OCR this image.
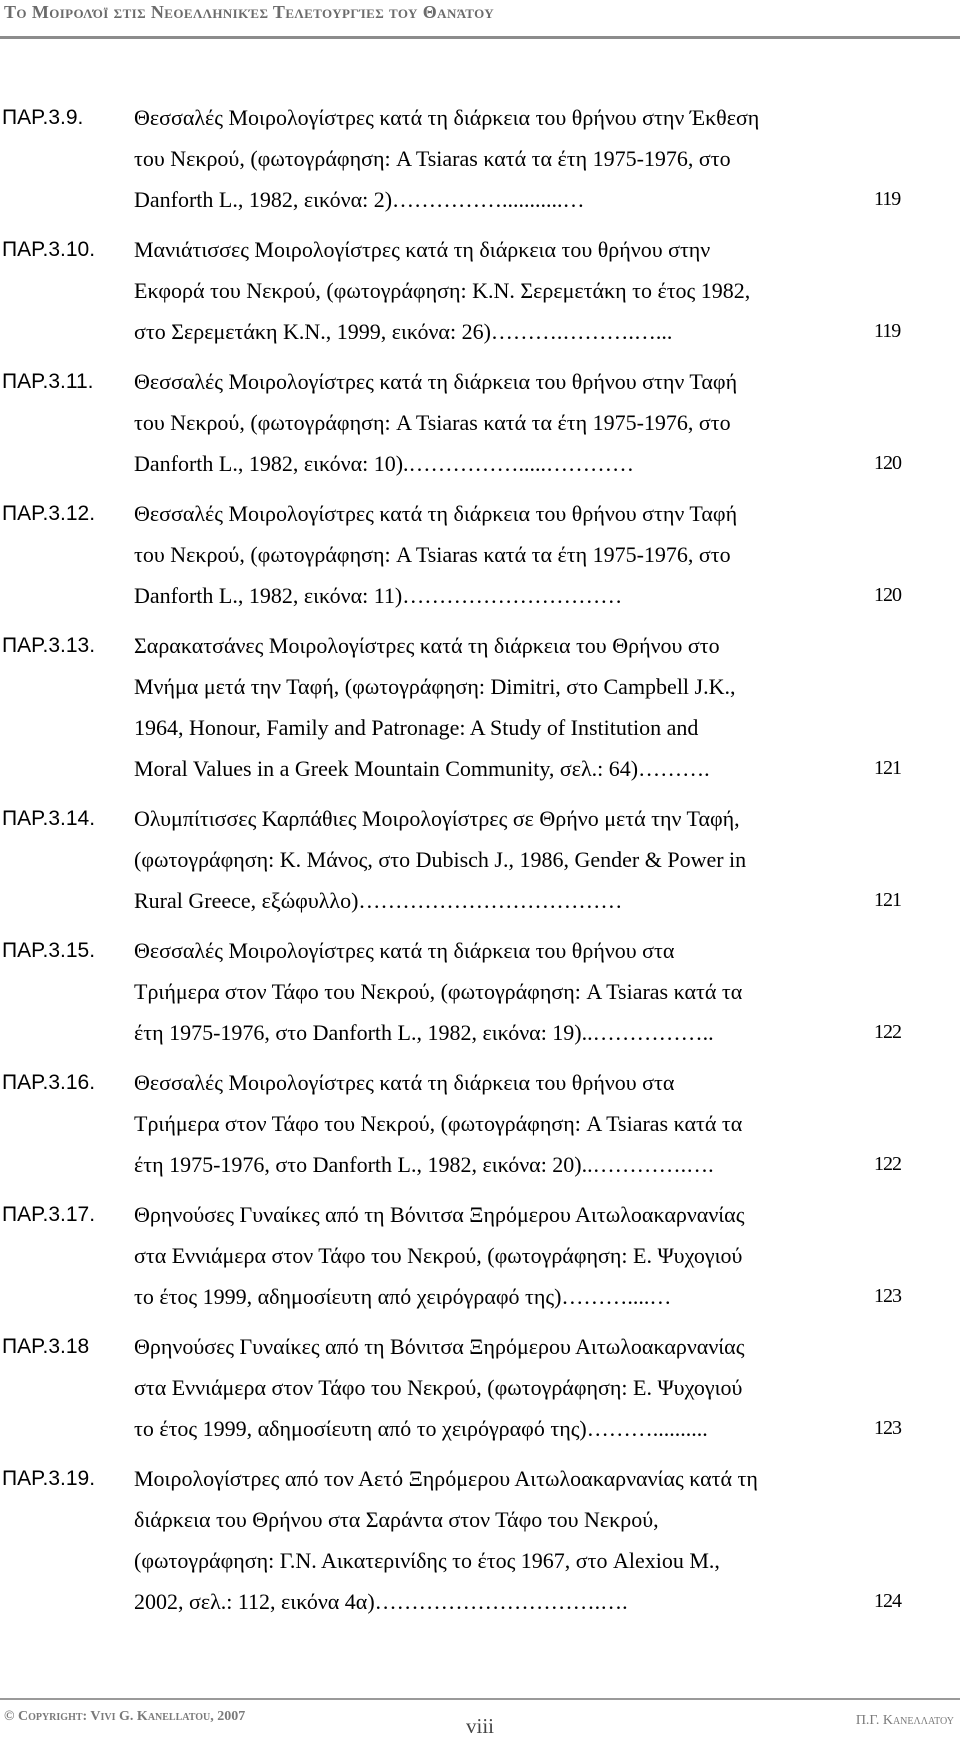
Το Μοιρολόϊ στις Νεοελληνικές Τελετουργίες του Θανάτου
ΠΑΡ.3.9. Θεσσαλές Μοιρολογίστρες κατά τη διάρκεια του θρήνου στην Έκθεση
του Νεκρού, (φωτογράφηση: A Tsiaras κατά τα έτη 1975-1976, στο
Danforth L., 1982, εικόνα: 2)……………...........…	119
ΠΑΡ.3.10. Μανιάτισσες Μοιρολογίστρες κατά τη διάρκεια του θρήνου στην
Εκφορά του Νεκρού, (φωτογράφηση: Κ.Ν. Σερεμετάκη το έτος 1982,
στο Σερεμετάκη Κ.Ν., 1999, εικόνα: 26)……….……….…...	119
ΠΑΡ.3.11. Θεσσαλές Μοιρολογίστρες κατά τη διάρκεια του θρήνου στην Ταφή
του Νεκρού, (φωτογράφηση: A Tsiaras κατά τα έτη 1975-1976, στο
Danforth L., 1982, εικόνα: 10).…………….....…………	120
ΠΑΡ.3.12. Θεσσαλές Μοιρολογίστρες κατά τη διάρκεια του θρήνου στην Ταφή
του Νεκρού, (φωτογράφηση: A Tsiaras κατά τα έτη 1975-1976, στο
Danforth L., 1982, εικόνα: 11)…………………………	120
ΠΑΡ.3.13. Σαρακατσάνες Μοιρολογίστρες κατά τη διάρκεια του Θρήνου στο
Μνήμα μετά την Ταφή, (φωτογράφηση: Dimitri, στο Campbell J.K.,
1964, Honour, Family and Patronage: A Study of Institution and
Moral Values in a Greek Mountain Community, σελ.: 64)……….	121
ΠΑΡ.3.14. Ολυμπίτισσες Καρπάθιες Μοιρολογίστρες σε Θρήνο μετά την Ταφή,
(φωτογράφηση: Κ. Μάνος, στο Dubisch J., 1986, Gender & Power in
Rural Greece, εξώφυλλο)………………………………	121
ΠΑΡ.3.15. Θεσσαλές Μοιρολογίστρες κατά τη διάρκεια του θρήνου στα
Τριήμερα στον Τάφο του Νεκρού, (φωτογράφηση: A Tsiaras κατά τα
έτη 1975-1976, στο Danforth L., 1982, εικόνα: 19)..……………..	122
ΠΑΡ.3.16. Θεσσαλές Μοιρολογίστρες κατά τη διάρκεια του θρήνου στα
Τριήμερα στον Τάφο του Νεκρού, (φωτογράφηση: A Tsiaras κατά τα
έτη 1975-1976, στο Danforth L., 1982, εικόνα: 20)..………….….	122
ΠΑΡ.3.17. Θρηνούσες Γυναίκες από τη Βόνιτσα Ξηρόμερου Αιτωλοακαρνανίας
στα Εννιάμερα στον Τάφο του Νεκρού, (φωτογράφηση: Ε. Ψυχογιού
το έτος 1999, αδημοσίευτη από χειρόγραφό της)………....…	123
ΠΑΡ.3.18 Θρηνούσες Γυναίκες από τη Βόνιτσα Ξηρόμερου Αιτωλοακαρνανίας
στα Εννιάμερα στον Τάφο του Νεκρού, (φωτογράφηση: Ε. Ψυχογιού
το έτος 1999, αδημοσίευτη από το χειρόγραφό της)………..........	123
ΠΑΡ.3.19. Μοιρολογίστρες από τον Αετό Ξηρόμερου Αιτωλοακαρνανίας κατά τη
διάρκεια του Θρήνου στα Σαράντα στον Τάφο του Νεκρού,
(φωτογράφηση: Γ.Ν. Αικατερινίδης το έτος 1967, στο Alexiou M.,
2002, σελ.: 112, εικόνα 4α)………………………….….	124
© Copyright: Vivi G. Kanellatou, 2007	viii	Π.Γ. Κανελλατου
